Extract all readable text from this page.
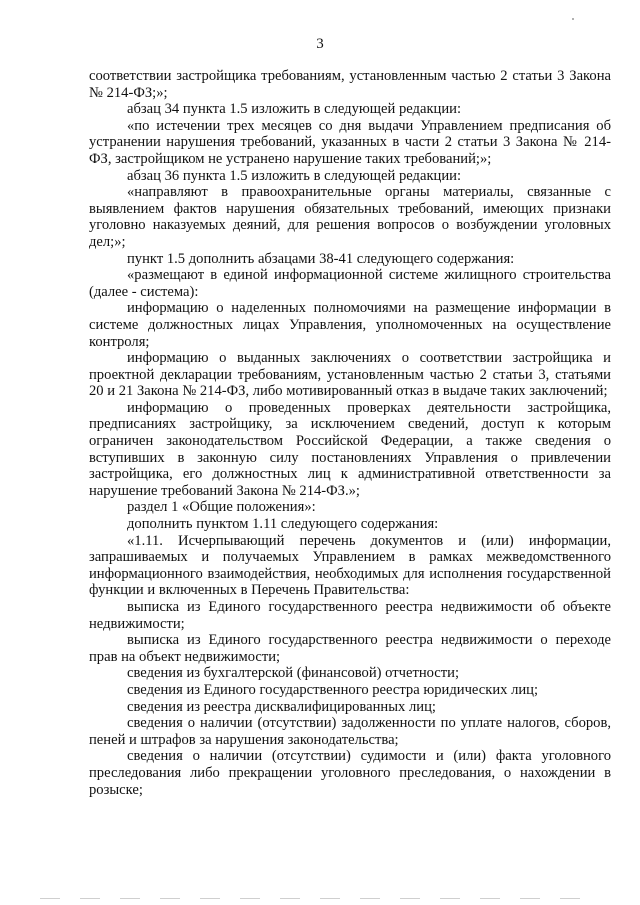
3

соответствии застройщика требованиям, установленным частью 2 статьи 3 Закона № 214-ФЗ;»;

абзац 34 пункта 1.5 изложить в следующей редакции:

«по истечении трех месяцев со дня выдачи Управлением предписания об устранении нарушения требований, указанных в части 2 статьи 3 Закона № 214-ФЗ, застройщиком не устранено нарушение таких требований;»;

абзац 36 пункта 1.5 изложить в следующей редакции:

«направляют в правоохранительные органы материалы, связанные с выявлением фактов нарушения обязательных требований, имеющих признаки уголовно наказуемых деяний, для решения вопросов о возбуждении уголовных дел;»;

пункт 1.5 дополнить абзацами 38-41 следующего содержания:

«размещают в единой информационной системе жилищного строительства (далее - система):

информацию о наделенных полномочиями на размещение информации в системе должностных лицах Управления, уполномоченных на осуществление контроля;

информацию о выданных заключениях о соответствии застройщика и проектной декларации требованиям, установленным частью 2 статьи 3, статьями 20 и 21 Закона № 214-ФЗ, либо мотивированный отказ в выдаче таких заключений;

информацию о проведенных проверках деятельности застройщика, предписаниях застройщику, за исключением сведений, доступ к которым ограничен законодательством Российской Федерации, а также сведения о вступивших в законную силу постановлениях Управления о привлечении застройщика, его должностных лиц к административной ответственности за нарушение требований Закона № 214-ФЗ.»;

раздел 1 «Общие положения»:

дополнить пунктом 1.11 следующего содержания:

«1.11. Исчерпывающий перечень документов и (или) информации, запрашиваемых и получаемых Управлением в рамках межведомственного информационного взаимодействия, необходимых для исполнения государственной функции и включенных в Перечень Правительства:

выписка из Единого государственного реестра недвижимости об объекте недвижимости;

выписка из Единого государственного реестра недвижимости о переходе прав на объект недвижимости;

сведения из бухгалтерской (финансовой) отчетности;

сведения из Единого государственного реестра юридических лиц;

сведения из реестра дисквалифицированных лиц;

сведения о наличии (отсутствии) задолженности по уплате налогов, сборов, пеней и штрафов за нарушения законодательства;

сведения о наличии (отсутствии) судимости и (или) факта уголовного преследования либо прекращении уголовного преследования, о нахождении в розыске;
